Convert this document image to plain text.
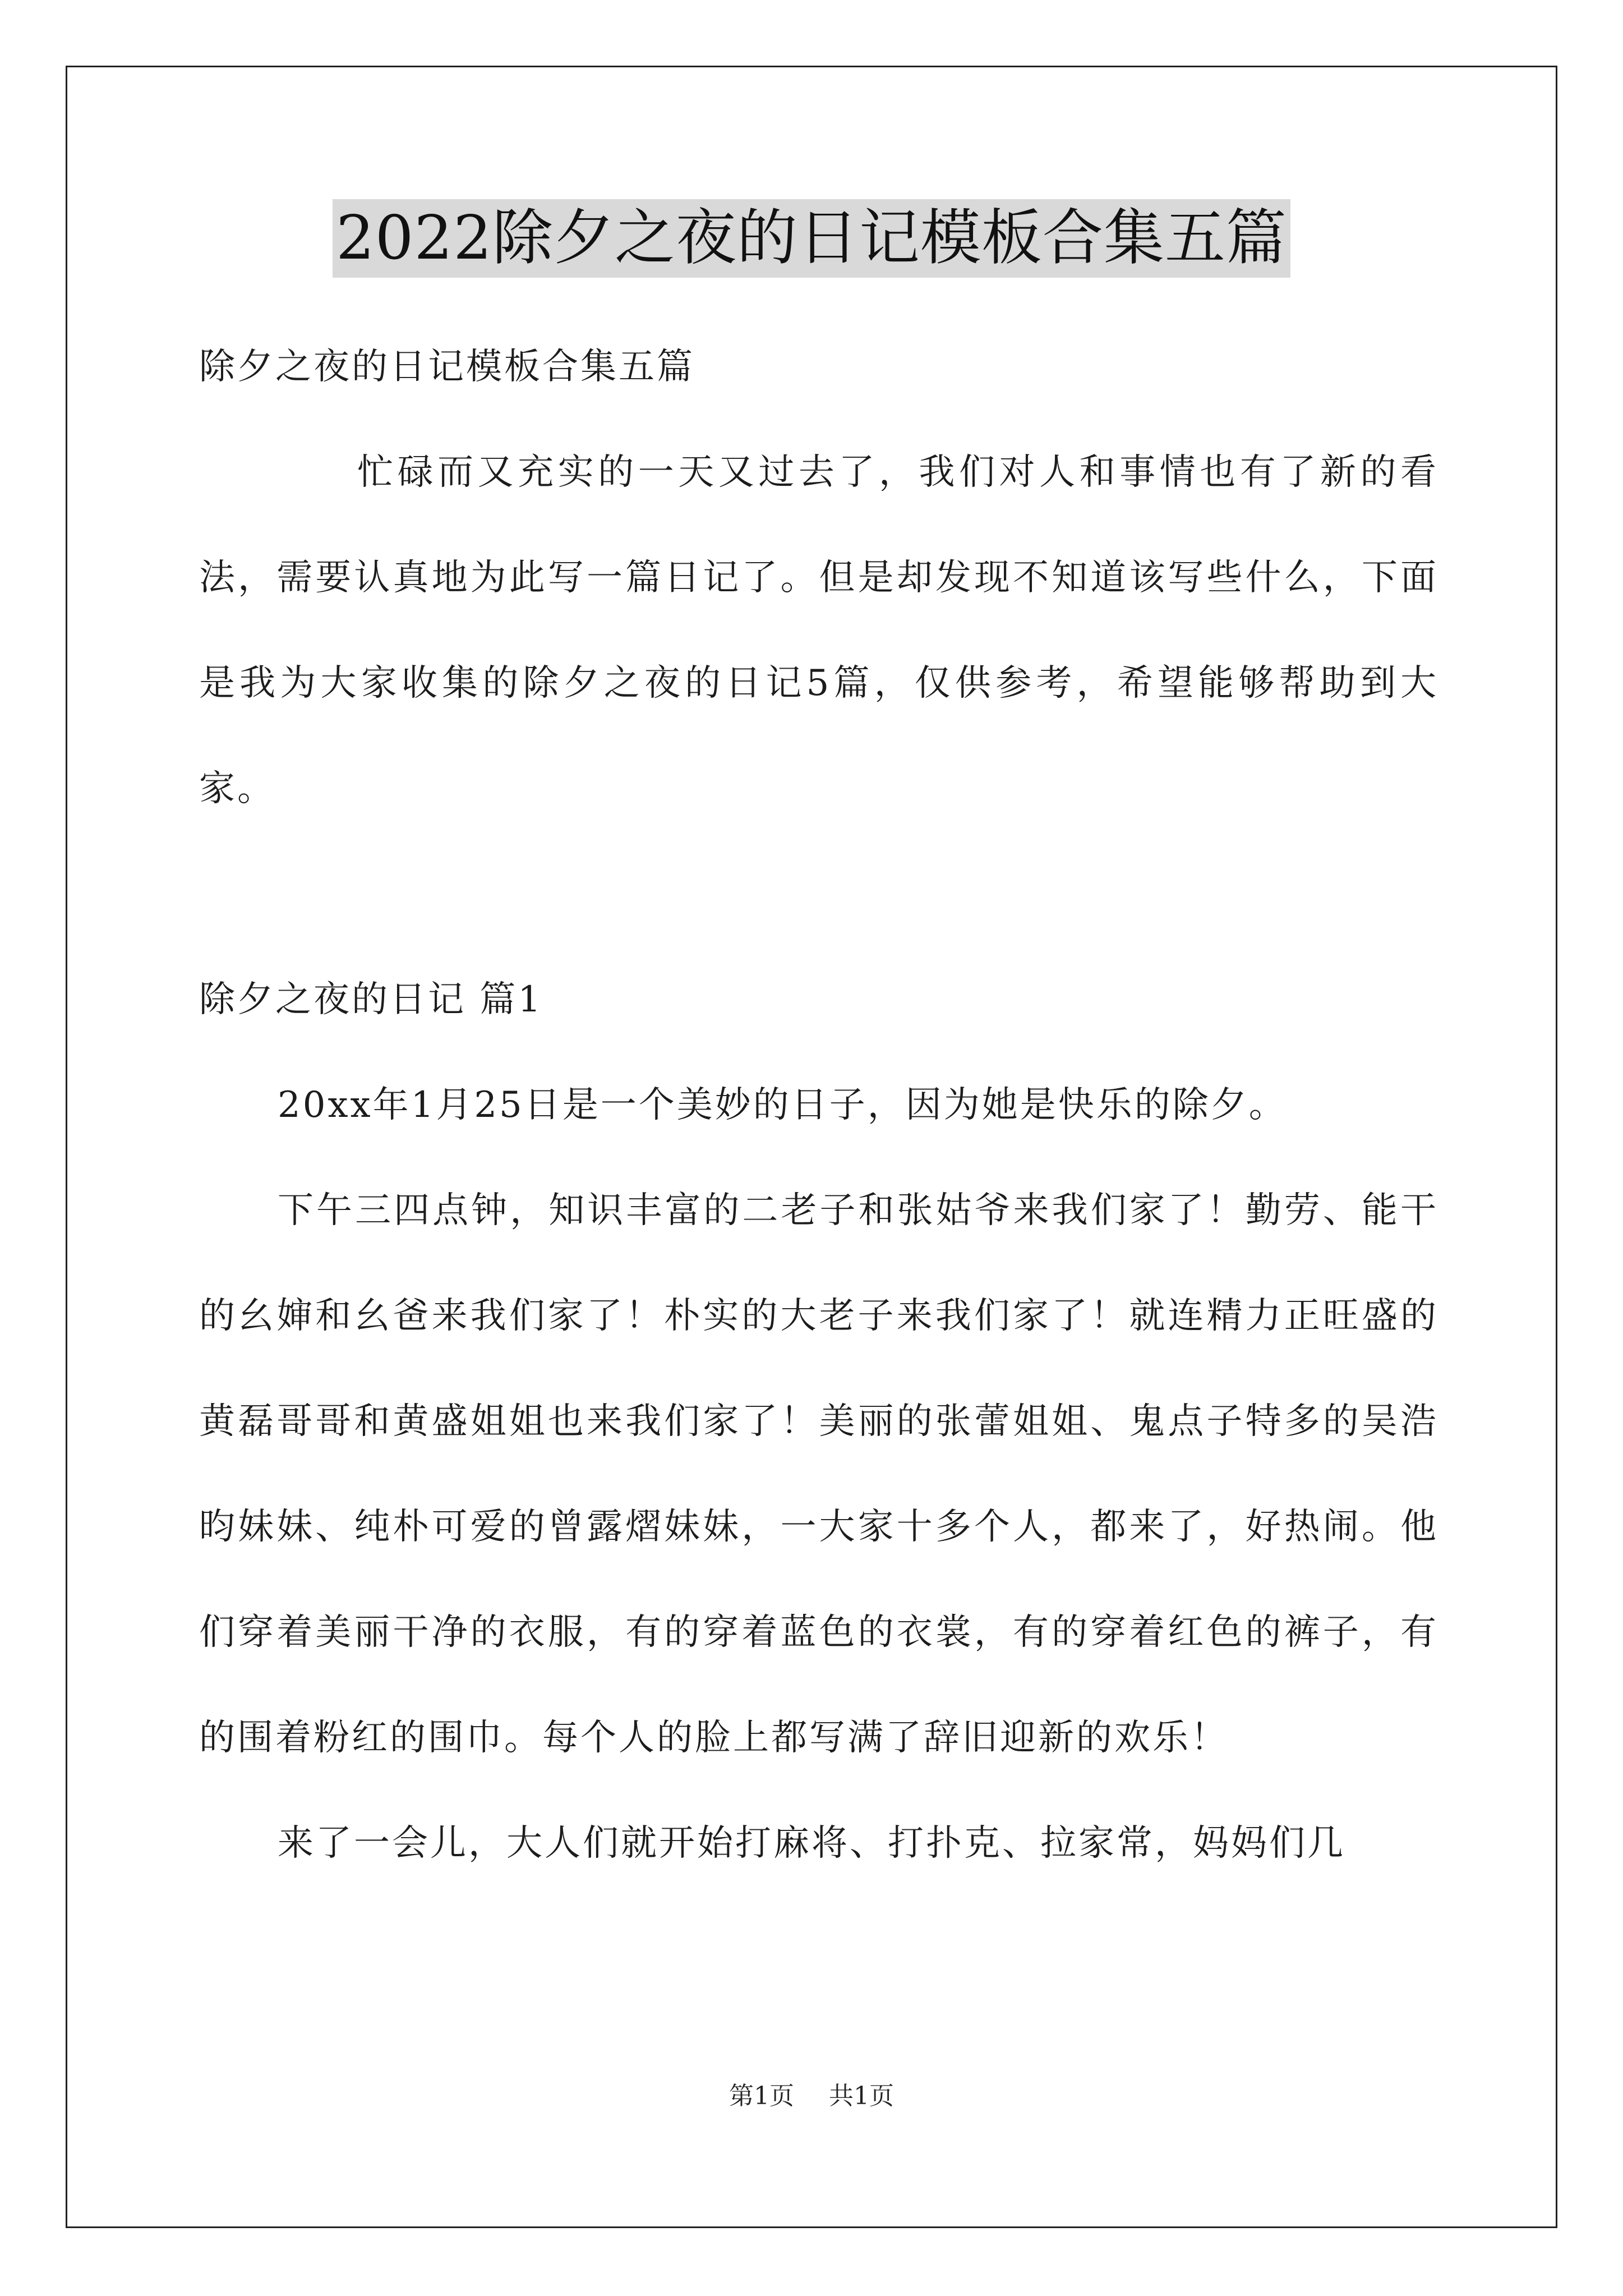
2022除夕之夜的日记模板合集五篇

除夕之夜的日记模板合集五篇

忙碌而又充实的一天又过去了，我们对人和事情也有了新的看法，需要认真地为此写一篇日记了。但是却发现不知道该写些什么，下面是我为大家收集的除夕之夜的日记5篇，仅供参考，希望能够帮助到大家。

除夕之夜的日记 篇1

20xx年1月25日是一个美妙的日子，因为她是快乐的除夕。

下午三四点钟，知识丰富的二老子和张姑爷来我们家了！勤劳、能干的幺婶和幺爸来我们家了！朴实的大老子来我们家了！就连精力正旺盛的黄磊哥哥和黄盛姐姐也来我们家了！美丽的张蕾姐姐、鬼点子特多的吴浩昀妹妹、纯朴可爱的曾露熠妹妹，一大家十多个人，都来了，好热闹。他们穿着美丽干净的衣服，有的穿着蓝色的衣裳，有的穿着红色的裤子，有的围着粉红的围巾。每个人的脸上都写满了辞旧迎新的欢乐！

来了一会儿，大人们就开始打麻将、打扑克、拉家常，妈妈们几

第1页 共1页
